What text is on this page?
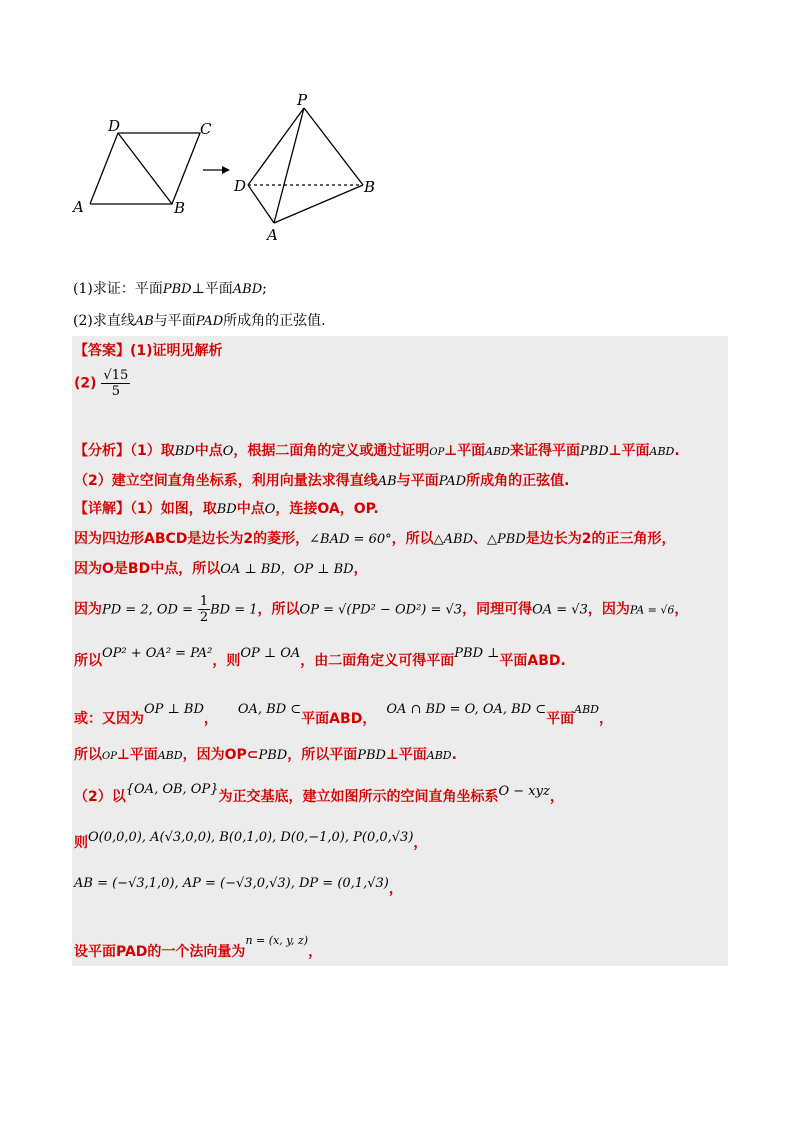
D	C
A	B
P
D	B
A
(1)求证：平面PBD⊥平面ABD;
(2)求直线AB与平面PAD所成角的正弦值.
【答案】(1)证明见解析
$(2) \frac{√15}{5}$
【分析】（1）取BD中点O，根据二面角的定义或通过证明OP⊥平面ABD来证得平面PBD⊥平面ABD.
（2）建立空间直角坐标系，利用向量法求得直线AB与平面PAD所成角的正弦值.
【详解】（1）如图，取BD中点O，连接OA，OP.
因为四边形ABCD是边长为2的菱形，∠BAD = 60°，所以△ABD、△PBD是边长为2的正三角形，
因为O是BD中点，所以OA ⊥ BD，OP ⊥ BD，
因为PD = 2, OD = $\frac{1}{2}$ BD = 1，所以OP = √(PD² − OD²) = √3，同理可得OA = √3，因为PA = √6，
所以OP² + OA² = PA²，则OP ⊥ OA，由二面角定义可得平面PBD ⊥平面ABD.
或：又因为OP ⊥ BD，OA, BD ⊂平面ABD，OA ∩ BD = O, OA, BD ⊂平面$^{ABD}$，
所以OP⊥平面ABD，因为OP⊂PBD，所以平面PBD⊥平面ABD.
（2）以{OA, OB, OP}为正交基底，建立如图所示的空间直角坐标系O − xyz，
则O(0,0,0), A(√3,0,0), B(0,1,0), D(0,−1,0), P(0,0,√3)，
AB = (−√3,1,0), AP = (−√3,0,√3), DP = (0,1,√3)，
设平面PAD的一个法向量为$^{n = (x, y, z)}$，
